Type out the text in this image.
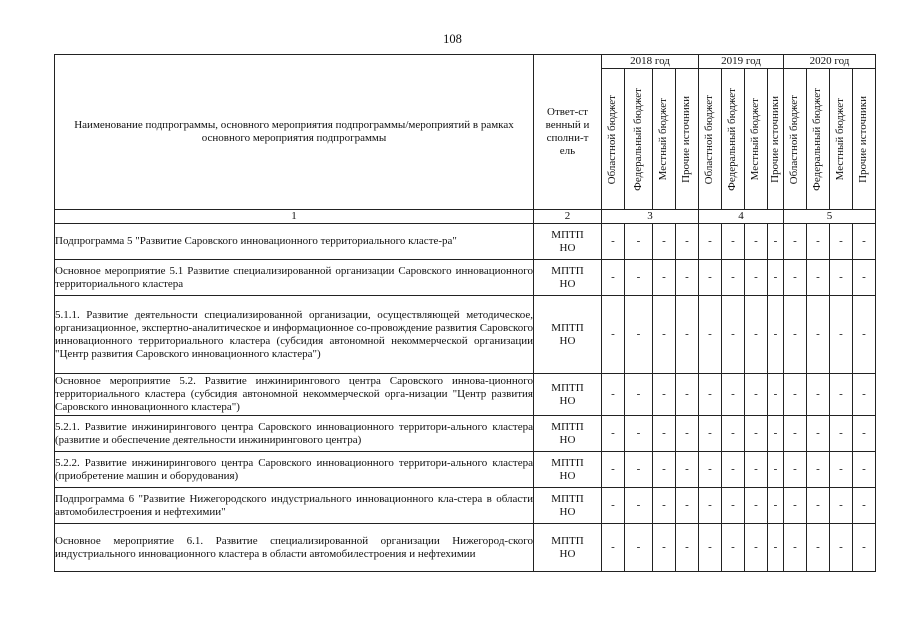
108
Наименование подпрограммы, основного мероприятия подпрограммы/мероприятий в рамках основного мероприятия подпрограммы	Ответ-ственный исполни-тель	2018 год				2019 год				2020 год			

		Областной бюджет	Федеральный бюджет	Местный бюджет	Прочие источники	Областной бюджет	Федеральный бюджет	Местный бюджет	Прочие источники	Областной бюджет	Федеральный бюджет	Местный бюджет	Прочие источники

1	2	3				4				5			
Подпрограмма 5 "Развитие Саровского инновационного территориального класте-ра"	МПТП НО	-	-	-	-	-	-	-	-	-	-	-	-
Основное мероприятие 5.1 Развитие специализированной организации Саровского инновационного территориального кластера	МПТП НО	-	-	-	-	-	-	-	-	-	-	-	-
5.1.1. Развитие деятельности специализированной организации, осуществляющей методическое, организационное, экспертно-аналитическое и информационное со-провождение развития Саровского инновационного территориального кластера (субсидия автономной некоммерческой организации "Центр развития Саровского инновационного кластера")	МПТП НО	-	-	-	-	-	-	-	-	-	-	-	-
Основное мероприятие 5.2. Развитие инжинирингового центра Саровского иннова-ционного территориального кластера (субсидия автономной некоммерческой орга-низации "Центр развития Саровского инновационного кластера")	МПТП НО	-	-	-	-	-	-	-	-	-	-	-	-
5.2.1. Развитие инжинирингового центра Саровского инновационного территори-ального кластера (развитие и обеспечение деятельности инжинирингового центра)	МПТП НО	-	-	-	-	-	-	-	-	-	-	-	-
5.2.2. Развитие инжинирингового центра Саровского инновационного территори-ального кластера (приобретение машин и оборудования)	МПТП НО	-	-	-	-	-	-	-	-	-	-	-	-
Подпрограмма 6 "Развитие Нижегородского индустриального инновационного кла-стера в области автомобилестроения и нефтехимии"	МПТП НО	-	-	-	-	-	-	-	-	-	-	-	-
Основное мероприятие 6.1. Развитие специализированной организации Нижегород-ского индустриального инновационного кластера в области автомобилестроения и нефтехимии	МПТП НО	-	-	-	-	-	-	-	-	-	-	-	-
